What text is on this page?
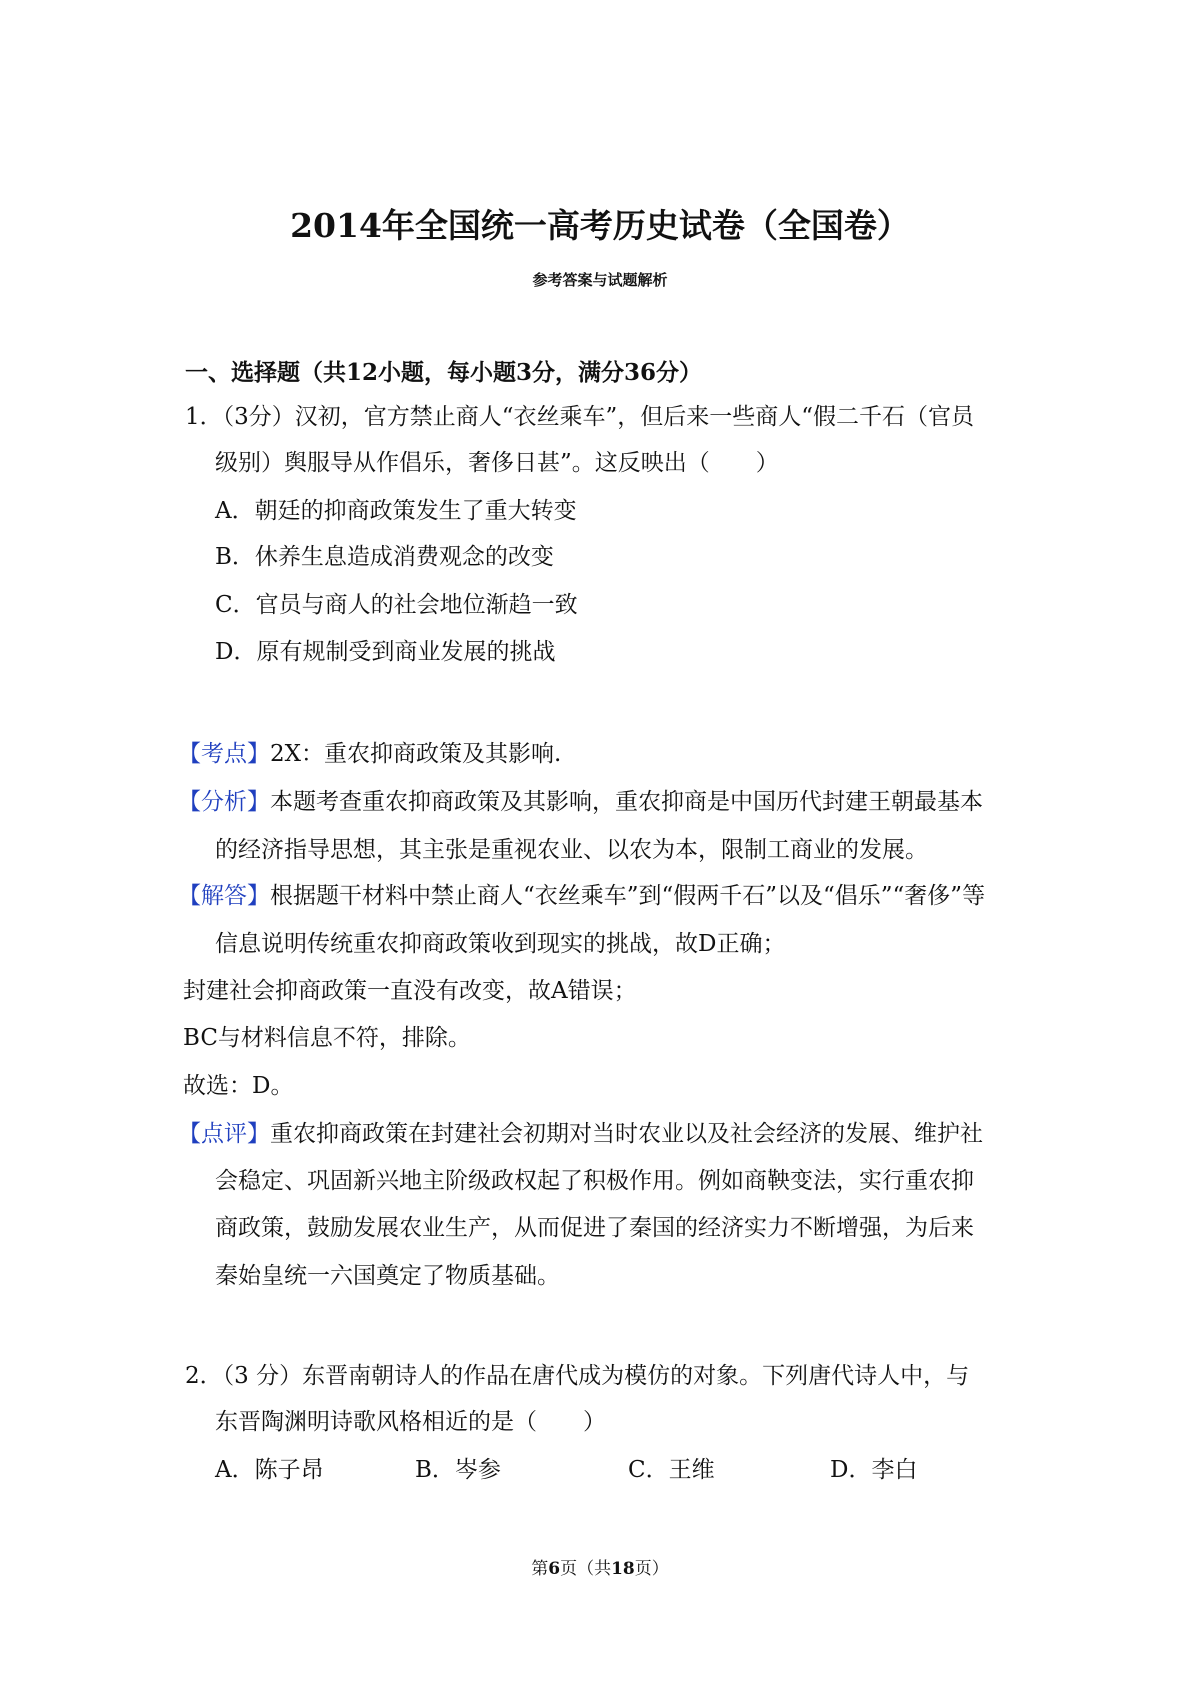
2014年全国统一高考历史试卷（全国卷）
参考答案与试题解析
一、选择题（共12小题，每小题3分，满分36分）
1．（3分）汉初，官方禁止商人“衣丝乘车”，但后来一些商人“假二千石（官员
级别）舆服导从作倡乐，奢侈日甚”。这反映出（　　）
A．朝廷的抑商政策发生了重大转变
B．休养生息造成消费观念的改变
C．官员与商人的社会地位渐趋一致
D．原有规制受到商业发展的挑战
【考点】2X：重农抑商政策及其影响.
【分析】本题考查重农抑商政策及其影响，重农抑商是中国历代封建王朝最基本
的经济指导思想，其主张是重视农业、以农为本，限制工商业的发展。
【解答】根据题干材料中禁止商人“衣丝乘车”到“假两千石”以及“倡乐”“奢侈”等
信息说明传统重农抑商政策收到现实的挑战，故D正确；
封建社会抑商政策一直没有改变，故A错误；
BC与材料信息不符，排除。
故选：D。
【点评】重农抑商政策在封建社会初期对当时农业以及社会经济的发展、维护社
会稳定、巩固新兴地主阶级政权起了积极作用。例如商鞅变法，实行重农抑
商政策，鼓励发展农业生产，从而促进了秦国的经济实力不断增强，为后来
秦始皇统一六国奠定了物质基础。
2．（3 分）东晋南朝诗人的作品在唐代成为模仿的对象。下列唐代诗人中，与
东晋陶渊明诗歌风格相近的是（　　）
A．陈子昂	B．岑参	C．王维	D．李白
第6页（共18页）
